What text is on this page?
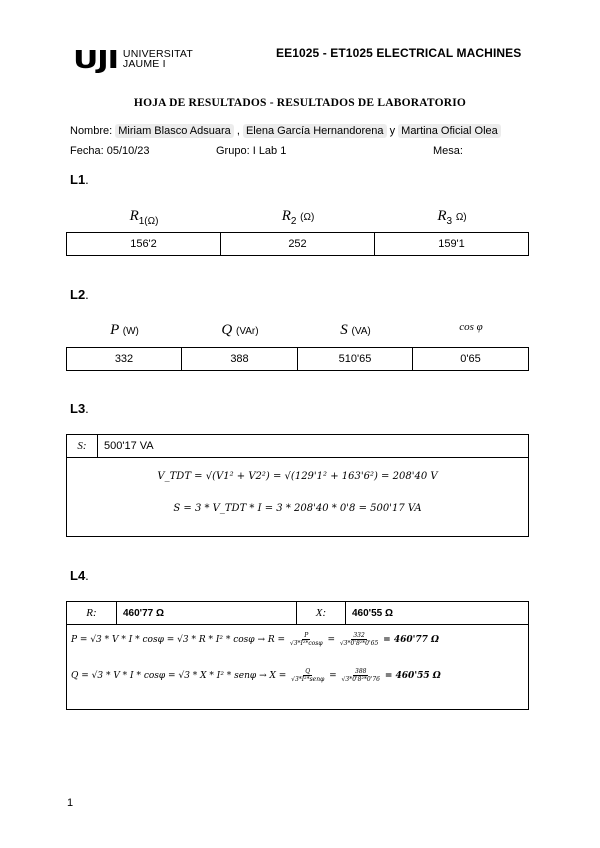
UJI UNIVERSITAT
JAUME I
EE1025 - ET1025 ELECTRICAL MACHINES
HOJA DE RESULTADOS - RESULTADOS DE LABORATORIO
Nombre: Miriam Blasco Adsuara , Elena García Hernandorena y Martina Oficial Olea
Fecha: 05/10/23	Grupo: I Lab 1	Mesa:
L1.
$R_{1(\Omega)}$	$R_2$ (Ω)	$R_3$ Ω)
156'2	252	159'1
L2.
P (W)	Q (VAr)	S (VA)	cos φ
332	388	510'65	0'65
L3.
S:	500'17 VA
V_TDT = √(V1² + V2²) = √(129'1² + 163'6²) = 208'40 V
S = 3 * V_TDT * I = 3 * 208'40 * 0'8 = 500'17 VA
L4.
R:	460'77 Ω	X:	460'55 Ω
$P = √3 * V * I * \cos\varphi = √3 * R * I^2 * \cos\varphi \to R = \frac{P}{\text{√3*I²*cosφ}} = \frac{332}{\text{√3*0'8²*0'65}} = 460'77$ Ω
$Q = √3 * V * I * \cos\varphi = √3 * X * I^2 * sen\varphi \to X = \frac{Q}{\text{√3*I²*senφ}} = \frac{388}{\text{√3*0'8²*0'76}} = 460'55$ Ω
1
